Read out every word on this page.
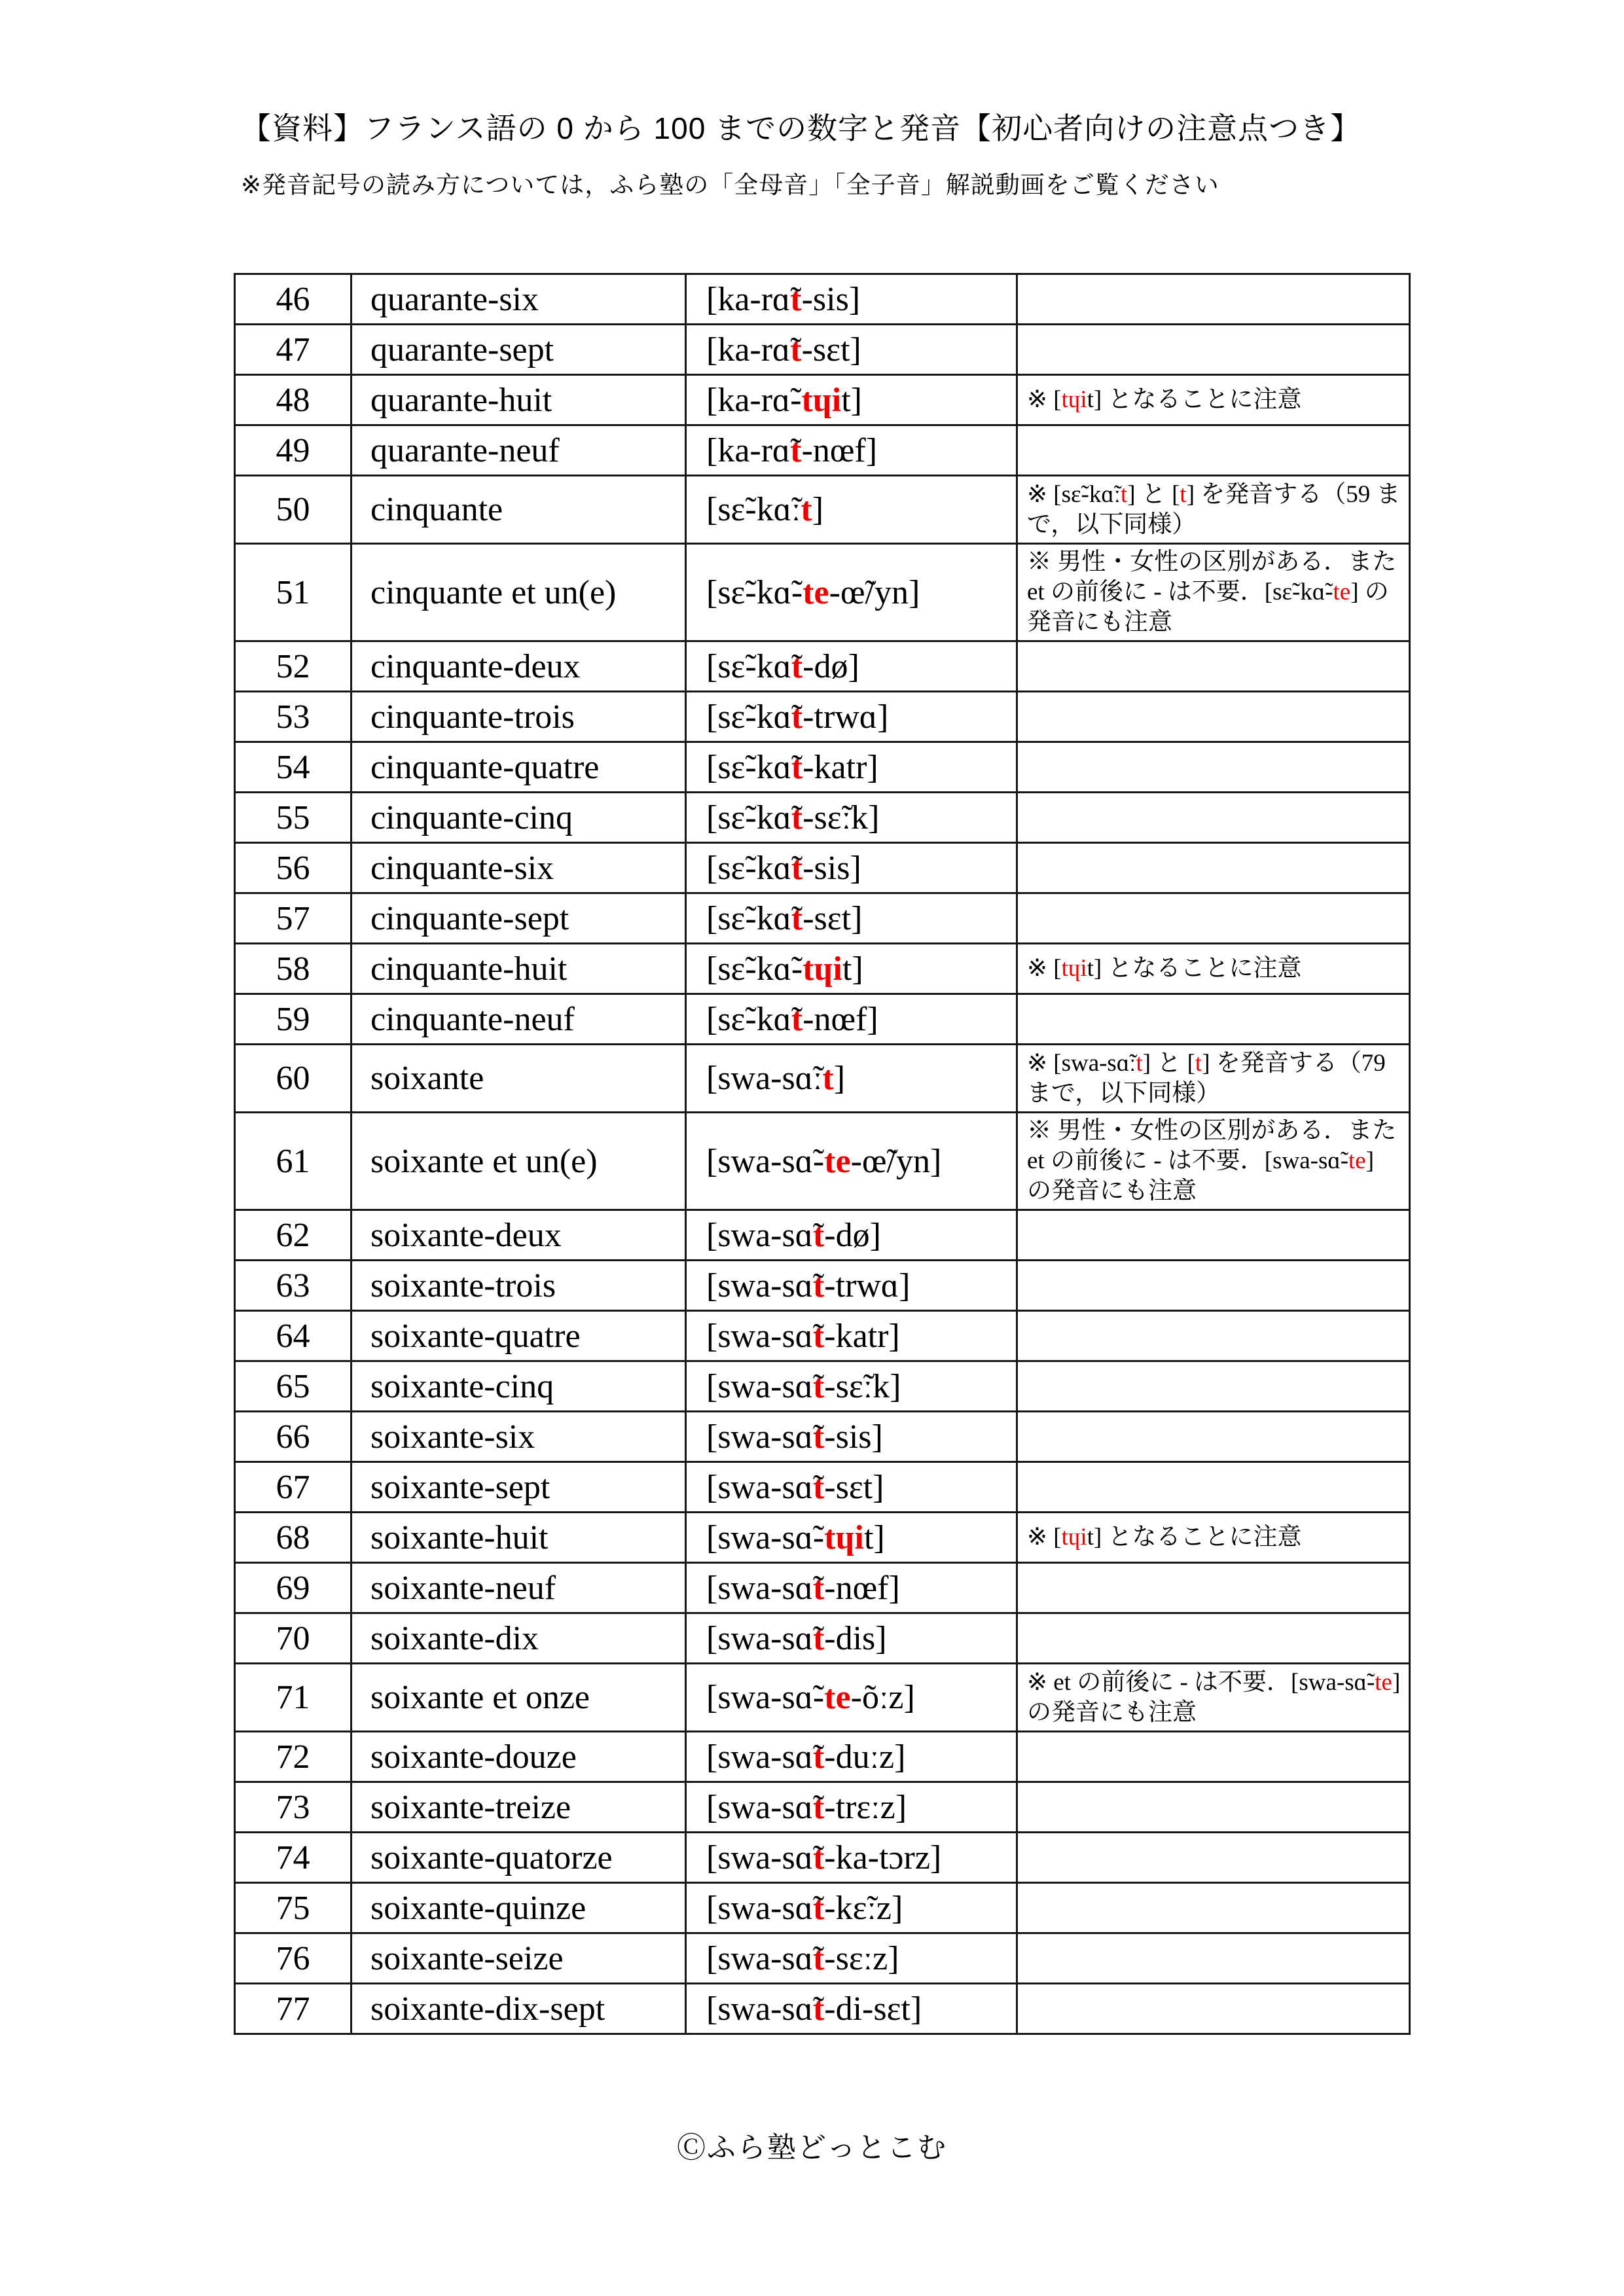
【資料】フランス語の 0 から 100 までの数字と発音【初心者向けの注意点つき】

※発音記号の読み方については，ふら塾の「全母音」「全子音」解説動画をご覧ください

46	quarante-six	[ka-rɑ̃t-sis]	
47	quarante-sept	[ka-rɑ̃t-sɛt]	
48	quarante-huit	[ka-rɑ̃-tɥit]	※ [tɥit] となることに注意
49	quarante-neuf	[ka-rɑ̃t-nœf]	
50	cinquante	[sɛ̃-kɑ̃ːt]	※ [sɛ̃-kɑ̃ːt] と [t] を発音する（59 まで，以下同様）
51	cinquante et un(e)	[sɛ̃-kɑ̃-te-œ̃/yn]	※ 男性・女性の区別がある．また et の前後に - は不要．[sɛ̃-kɑ̃-te] の発音にも注意
52	cinquante-deux	[sɛ̃-kɑ̃t-dø]	
53	cinquante-trois	[sɛ̃-kɑ̃t-trwɑ]	
54	cinquante-quatre	[sɛ̃-kɑ̃t-katr]	
55	cinquante-cinq	[sɛ̃-kɑ̃t-sɛ̃ːk]	
56	cinquante-six	[sɛ̃-kɑ̃t-sis]	
57	cinquante-sept	[sɛ̃-kɑ̃t-sɛt]	
58	cinquante-huit	[sɛ̃-kɑ̃-tɥit]	※ [tɥit] となることに注意
59	cinquante-neuf	[sɛ̃-kɑ̃t-nœf]	
60	soixante	[swa-sɑ̃ːt]	※ [swa-sɑ̃ːt] と [t] を発音する（79 まで，以下同様）
61	soixante et un(e)	[swa-sɑ̃-te-œ̃/yn]	※ 男性・女性の区別がある．また et の前後に - は不要．[swa-sɑ̃-te] の発音にも注意
62	soixante-deux	[swa-sɑ̃t-dø]	
63	soixante-trois	[swa-sɑ̃t-trwɑ]	
64	soixante-quatre	[swa-sɑ̃t-katr]	
65	soixante-cinq	[swa-sɑ̃t-sɛ̃ːk]	
66	soixante-six	[swa-sɑ̃t-sis]	
67	soixante-sept	[swa-sɑ̃t-sɛt]	
68	soixante-huit	[swa-sɑ̃-tɥit]	※ [tɥit] となることに注意
69	soixante-neuf	[swa-sɑ̃t-nœf]	
70	soixante-dix	[swa-sɑ̃t-dis]	
71	soixante et onze	[swa-sɑ̃-te-õːz]	※ et の前後に - は不要．[swa-sɑ̃-te] の発音にも注意
72	soixante-douze	[swa-sɑ̃t-duːz]	
73	soixante-treize	[swa-sɑ̃t-trɛːz]	
74	soixante-quatorze	[swa-sɑ̃t-ka-tɔrz]	
75	soixante-quinze	[swa-sɑ̃t-kɛ̃ːz]	
76	soixante-seize	[swa-sɑ̃t-sɛːz]	
77	soixante-dix-sept	[swa-sɑ̃t-di-sɛt]	
Ⓒふら塾どっとこむ
